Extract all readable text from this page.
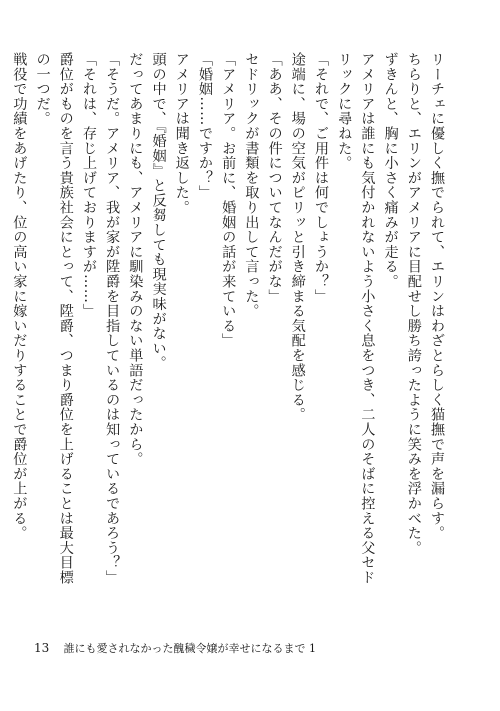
リーチェに優しく撫でられて、エリンはわざとらしく猫撫で声を漏らす。

ちらりと、エリンがアメリアに目配せし勝ち誇ったように笑みを浮かべた。

ずきんと、胸に小さく痛みが走る。

アメリアは誰にも気付かれないよう小さく息をつき、二人のそばに控える父セドリックに尋ねた。

「それで、ご用件は何でしょうか？」

途端に、場の空気がピリッと引き締まる気配を感じる。

「ああ、その件についてなんだがな」

セドリックが書類を取り出して言った。

「アメリア。お前に、婚姻の話が来ている」

「婚姻……ですか？」

アメリアは聞き返した。

頭の中で、『婚姻』と反芻しても現実味がない。

だってあまりにも、アメリアに馴染みのない単語だったから。

「そうだ。アメリア、我が家が陞爵を目指しているのは知っているであろう？」

「それは、存じ上げておりますが……」

爵位がものを言う貴族社会にとって、陞爵、つまり爵位を上げることは最大目標の一つだ。

戦役で功績をあげたり、位の高い家に嫁いだりすることで爵位が上がる。

13 誰にも愛されなかった醜穢令嬢が幸せになるまで 1
